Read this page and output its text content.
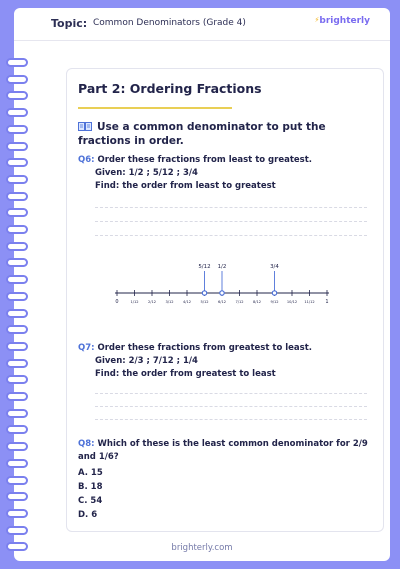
Topic: Common Denominators (Grade 4)	⚡brighterly
Part 2: Ordering Fractions
Use a common denominator to put the fractions in order.
Q6: Order these fractions from least to greatest.
Given: 1/2 ; 5/12 ; 3/4
Find: the order from least to greatest
0	1/12	2/12	3/12	4/12	5/12	6/12	7/12	8/12	9/12 10/12 11/12 1
5/12 1/2	3/4
Q7: Order these fractions from greatest to least.
Given: 2/3 ; 7/12 ; 1/4
Find: the order from greatest to least
Q8: Which of these is the least common denominator for 2/9 and 1/6?
A. 15
B. 18
C. 54
D. 6
brighterly.com
